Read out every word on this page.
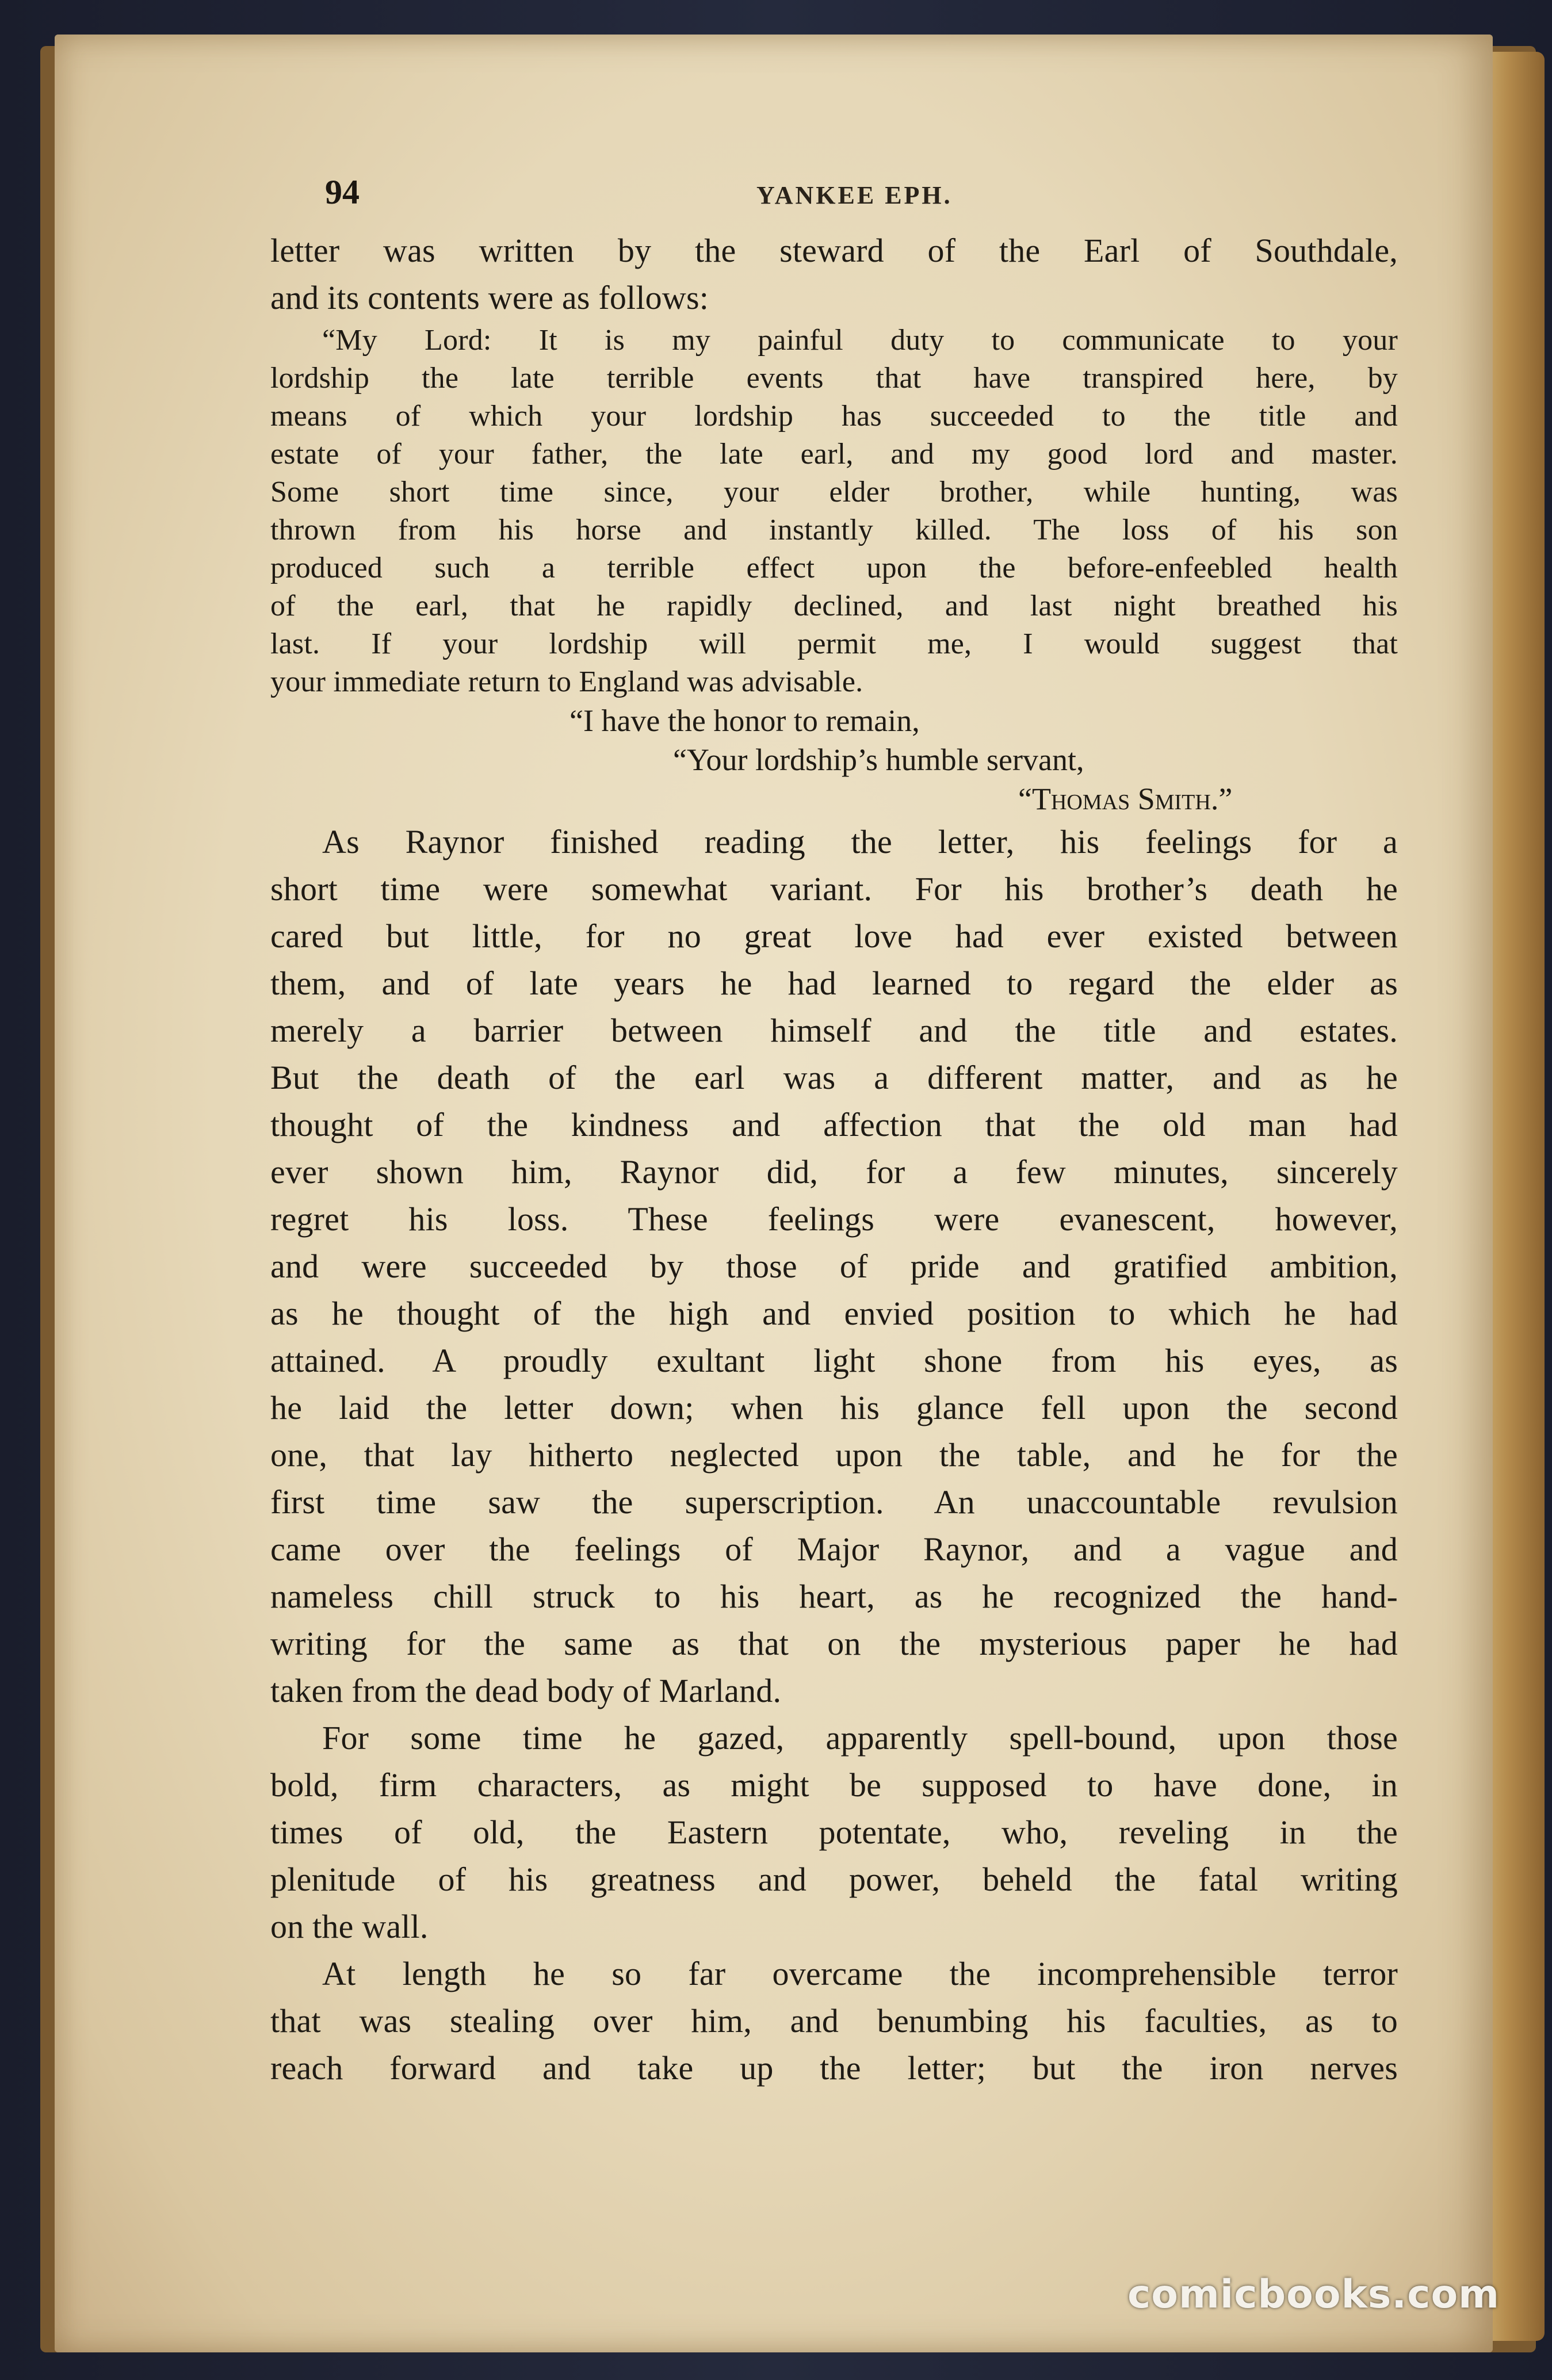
94	YANKEE EPH.
letter was written by the steward of the Earl of Southdale,
and its contents were as follows:
“My Lord: It is my painful duty to communicate to your
lordship the late terrible events that have transpired here, by
means of which your lordship has succeeded to the title and
estate of your father, the late earl, and my good lord and master.
Some short time since, your elder brother, while hunting, was
thrown from his horse and instantly killed. The loss of his son
produced such a terrible effect upon the before-enfeebled health
of the earl, that he rapidly declined, and last night breathed his
last. If your lordship will permit me, I would suggest that
your immediate return to England was advisable.
“I have the honor to remain,
“Your lordship’s humble servant,
“Thomas Smith.”
As Raynor finished reading the letter, his feelings for a
short time were somewhat variant. For his brother’s death he
cared but little, for no great love had ever existed between
them, and of late years he had learned to regard the elder as
merely a barrier between himself and the title and estates.
But the death of the earl was a different matter, and as he
thought of the kindness and affection that the old man had
ever shown him, Raynor did, for a few minutes, sincerely
regret his loss. These feelings were evanescent, however,
and were succeeded by those of pride and gratified ambition,
as he thought of the high and envied position to which he had
attained. A proudly exultant light shone from his eyes, as
he laid the letter down; when his glance fell upon the second
one, that lay hitherto neglected upon the table, and he for the
first time saw the superscription. An unaccountable revulsion
came over the feelings of Major Raynor, and a vague and
nameless chill struck to his heart, as he recognized the hand-
writing for the same as that on the mysterious paper he had
taken from the dead body of Marland.
For some time he gazed, apparently spell-bound, upon those
bold, firm characters, as might be supposed to have done, in
times of old, the Eastern potentate, who, reveling in the
plenitude of his greatness and power, beheld the fatal writing
on the wall.
At length he so far overcame the incomprehensible terror
that was stealing over him, and benumbing his faculties, as to
reach forward and take up the letter; but the iron nerves
comicbooks.com
